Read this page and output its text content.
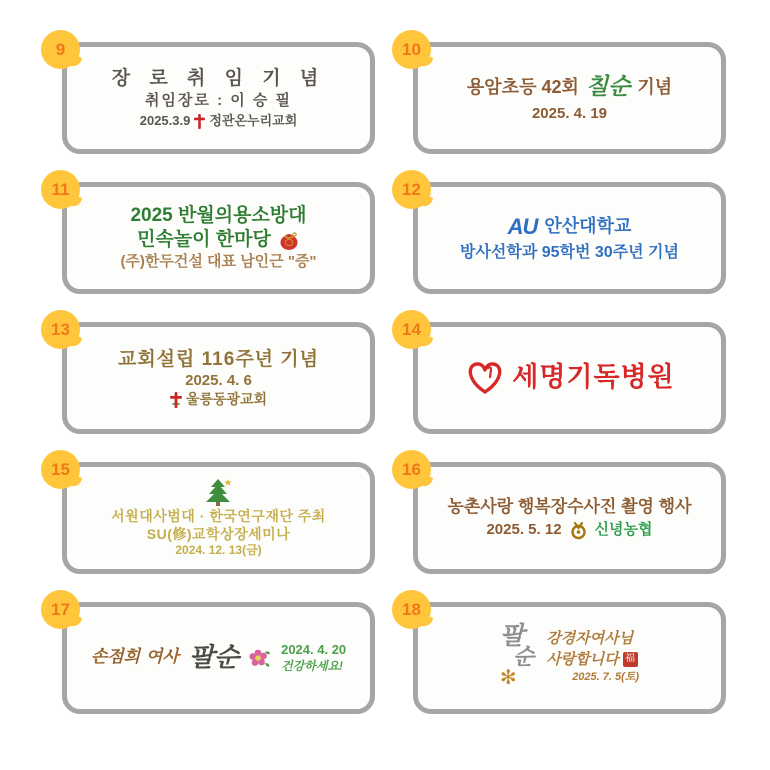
9
장 로 취 임 기 념
취임장로 : 이 승 필
2025.3.9 정관온누리교회
10
용암초등 42회 칠순 기념
2025. 4. 19
11
2025 반월의용소방대
민속놀이 한마당
(주)한두건설 대표 남인근 "증"
12
AU 안산대학교
방사선학과 95학번 30주년 기념
13
교회설립 116주년 기념
2025. 4. 6
울릉동광교회
14
세명기독병원
15
서원대사범대 · 한국연구재단 주최
SU(修)교학상장세미나
2024. 12. 13(금)
16
농촌사랑 행복장수사진 촬영 행사
2025. 5. 12 신녕농협
17
손점희 여사 팔순	2024. 4. 20
건강하세요!
18
팔
순
✻
강경자여사님
사랑합니다 福
2025. 7. 5(토)
